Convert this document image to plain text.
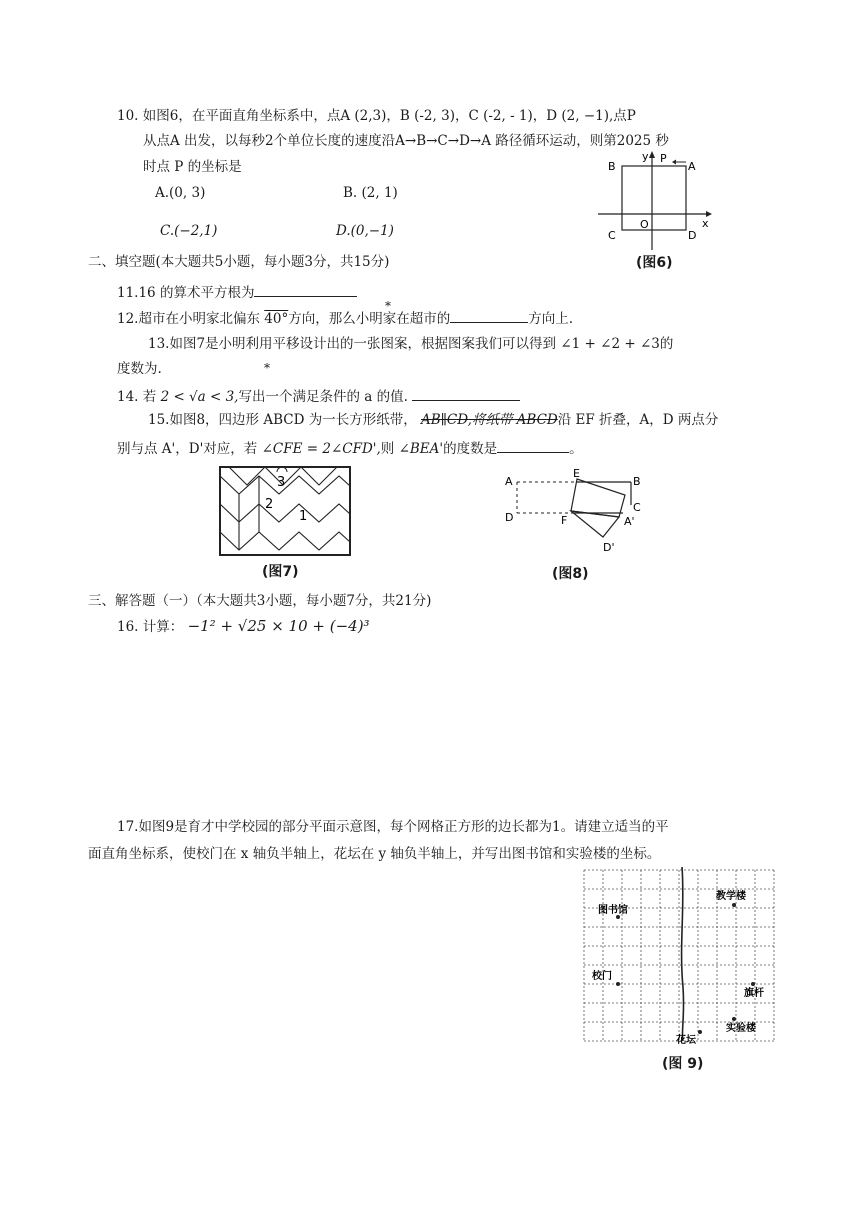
10. 如图6，在平面直角坐标系中，点A (2,3)，B (-2, 3)，C (-2, - 1)，D (2, −1),点P
从点A 出发，以每秒2个单位长度的速度沿A→B→C→D→A 路径循环运动，则第2025 秒
时点 P 的坐标是
A.(0, 3)	B. (2, 1)
C.(−2,1)	D.(0,−1)
B	A
P
y
x
O
C	D
(图6)
二、填空题(本大题共5小题，每小题3分，共15分)
11.16 的算术平方根为
*
12.超市在小明家北偏东 40°方向，那么小明家在超市的	方向上.
13.如图7是小明利用平移设计出的一张图案，根据图案我们可以得到 ∠1 + ∠2 + ∠3的
度数为.	*
14. 若 2 < √a < 3,写出一个满足条件的 a 的值.
15.如图8，四边形 ABCD 为一长方形纸带， AB∥CD,将纸带 ABCD沿 EF 折叠，A，D 两点分
别与点 A'，D'对应，若 ∠CFE = 2∠CFD',则 ∠BEA'的度数是	。
3
2
1
(图7)
A
E
B
C
D	F	A'
D'
(图8)
三、解答题（一）（本大题共3小题，每小题7分，共21分)
16. 计算： −1² + √25 × 10 + (−4)³
17.如图9是育才中学校园的部分平面示意图，每个网格正方形的边长都为1。请建立适当的平
面直角坐标系，使校门在 x 轴负半轴上，花坛在 y 轴负半轴上，并写出图书馆和实验楼的坐标。
图书馆
教学楼
校门
旗杆
实验楼
花坛
(图 9)
